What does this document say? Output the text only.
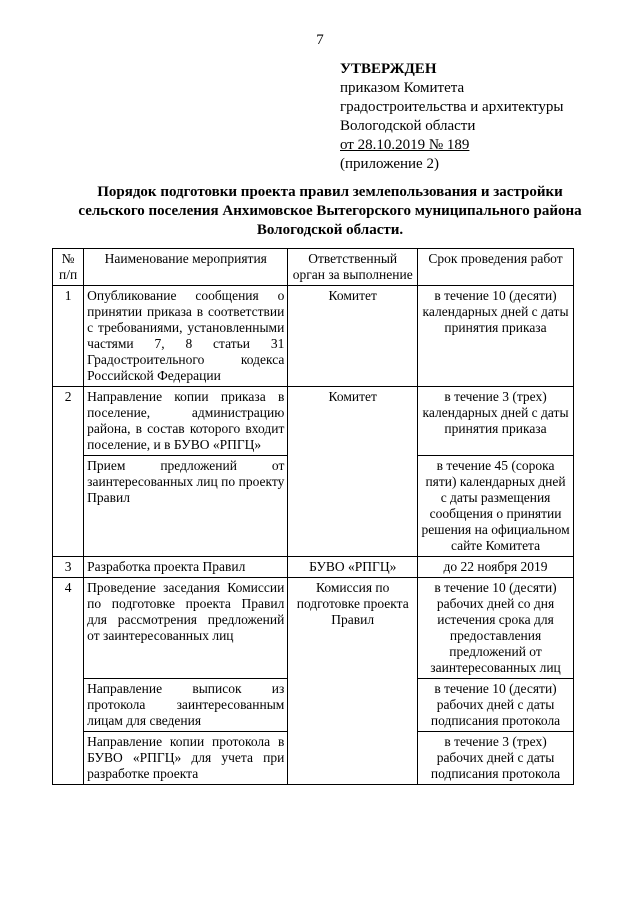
7
УТВЕРЖДЕН
приказом Комитета
градостроительства и архитектуры
Вологодской области
от 28.10.2019 № 189
(приложение 2)
Порядок подготовки проекта правил землепользования и застройки
сельского поселения Анхимовское Вытегорского муниципального района
Вологодской области.
№ п/п	Наименование мероприятия	Ответственный орган за выполнение	Срок проведения работ
1	Опубликование сообщения о принятии приказа в соответствии с требованиями, установленными частями 7, 8 статьи 31 Градостроительного кодекса Российской Федерации	Комитет	в течение 10 (десяти) календарных дней с даты принятия приказа
2	Направление копии приказа в поселение, администрацию района, в состав которого входит поселение, и в БУВО «РПГЦ»	Комитет	в течение 3 (трех) календарных дней с даты принятия приказа
	Прием предложений от заинтересованных лиц по проекту Правил		в течение 45 (сорока пяти) календарных дней с даты размещения сообщения о принятии решения на официальном сайте Комитета
3	Разработка проекта Правил	БУВО «РПГЦ»	до 22 ноября 2019
4	Проведение заседания Комиссии по подготовке проекта Правил для рассмотрения предложений от заинтересованных лиц	Комиссия по подготовке проекта Правил	в течение 10 (десяти) рабочих дней со дня истечения срока для предоставления предложений от заинтересованных лиц
	Направление выписок из протокола заинтересованным лицам для сведения		в течение 10 (десяти) рабочих дней с даты подписания протокола
	Направление копии протокола в БУВО «РПГЦ» для учета при разработке проекта		в течение 3 (трех) рабочих дней с даты подписания протокола
